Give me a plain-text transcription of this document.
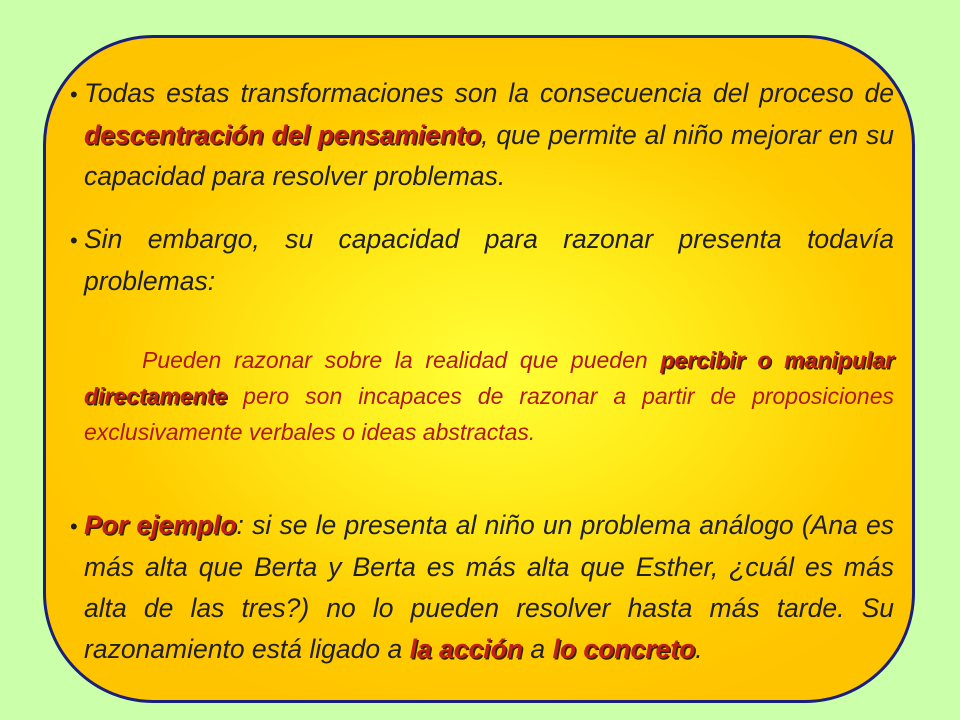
Todas estas transformaciones son la consecuencia del proceso de descentración del pensamiento, que permite al niño mejorar en su capacidad para resolver problemas.
Sin embargo, su capacidad para razonar presenta todavía problemas:
Pueden razonar sobre la realidad que pueden percibir o manipular directamente pero son incapaces de razonar a partir de proposiciones exclusivamente verbales o ideas abstractas.
Por ejemplo: si se le presenta al niño un problema análogo (Ana es más alta que Berta y Berta es más alta que Esther, ¿cuál es más alta de las tres?) no lo pueden resolver hasta más tarde. Su razonamiento está ligado a la acción a lo concreto.
